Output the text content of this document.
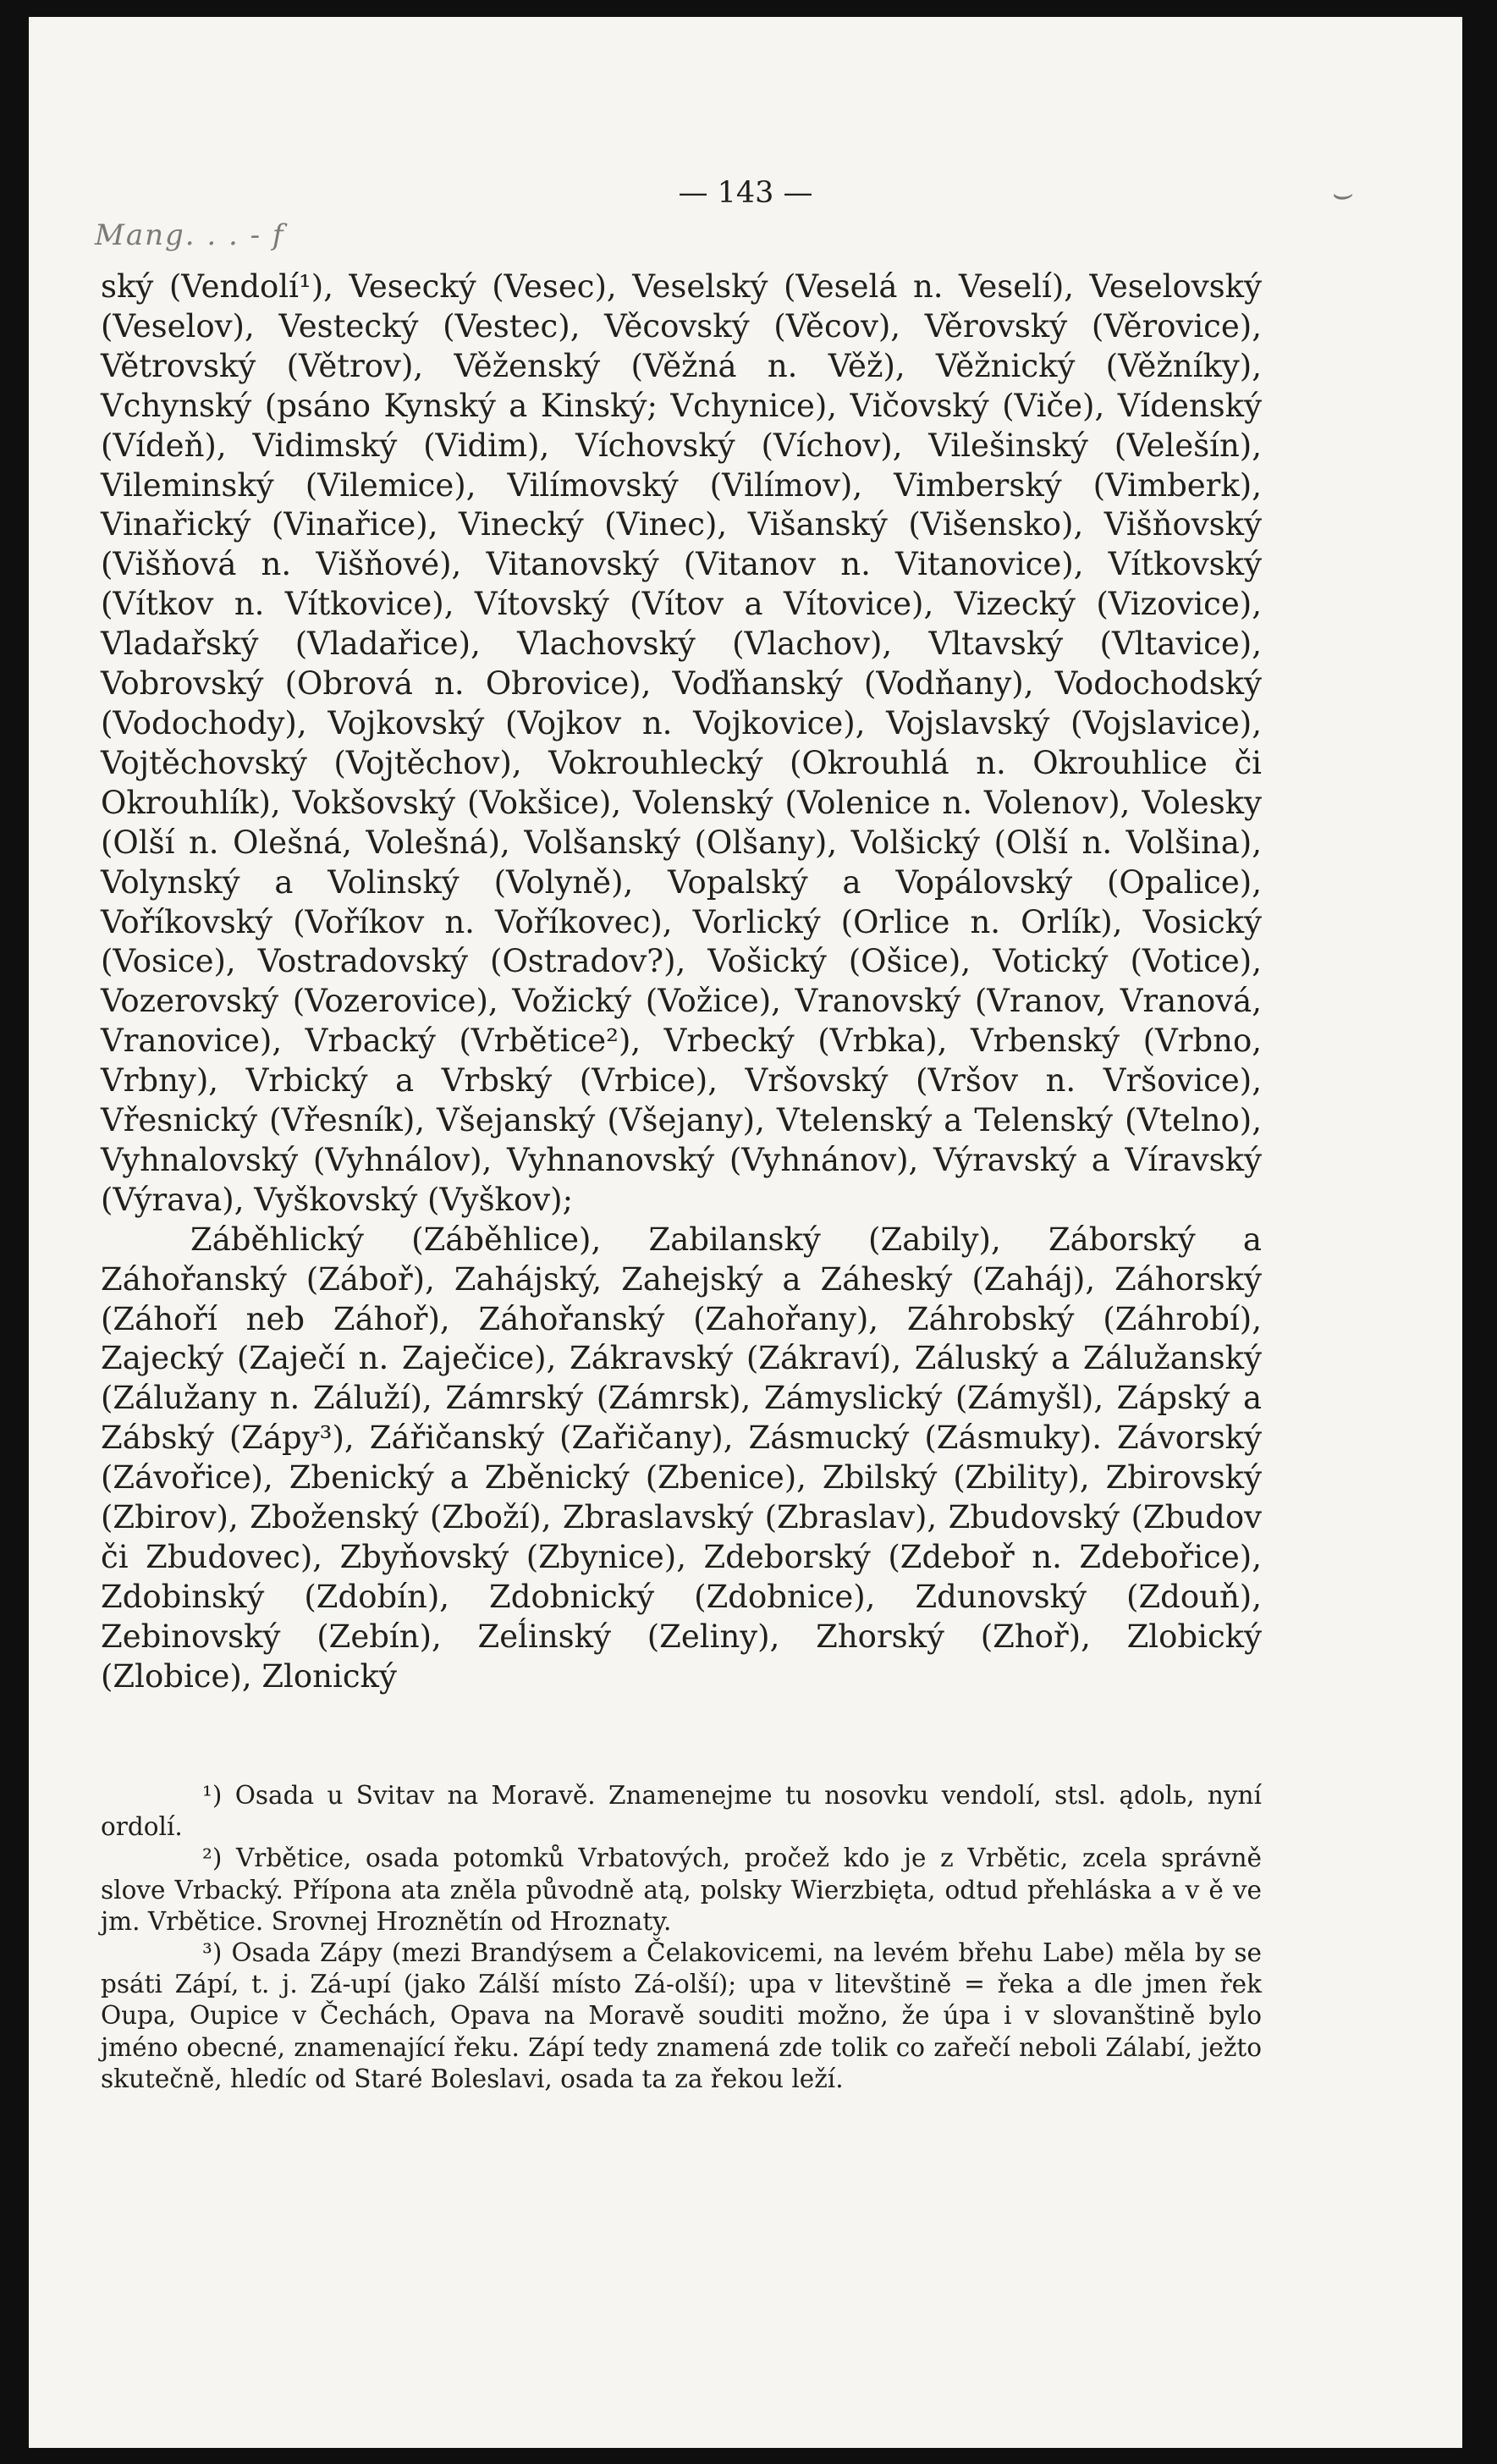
Mang. . . - f
⌣
— 143 —

ský (Vendolí¹), Vesecký (Vesec), Veselský (Veselá n. Veselí), Veselovský (Veselov), Vestecký (Vestec), Věcovský (Věcov), Věrovský (Věrovice), Větrovský (Větrov), Věženský (Věžná n. Věž), Věžnický (Věžníky), Vchynský (psáno Kynský a Kinský; Vchynice), Vičovský (Viče), Vídenský (Vídeň), Vidimský (Vidim), Víchovský (Víchov), Vilešinský (Velešín), Vileminský (Vilemice), Vilímovský (Vilímov), Vimberský (Vimberk), Vinařický (Vinařice), Vinecký (Vinec), Višanský (Višensko), Višňovský (Višňová n. Višňové), Vitanovský (Vitanov n. Vitanovice), Vítkovský (Vítkov n. Vítkovice), Vítovský (Vítov a Vítovice), Vizecký (Vizovice), Vladařský (Vladařice), Vlachovský (Vlachov), Vltavský (Vltavice), Vobrovský (Obrová n. Obrovice), Voďňanský (Vodňany), Vodochodský (Vodochody), Vojkovský (Vojkov n. Vojkovice), Vojslavský (Vojslavice), Vojtěchovský (Vojtěchov), Vokrouhlecký (Okrouhlá n. Okrouhlice či Okrouhlík), Vokšovský (Vokšice), Volenský (Volenice n. Volenov), Volesky (Olší n. Olešná, Volešná), Volšanský (Olšany), Volšický (Olší n. Volšina), Volynský a Volinský (Volyně), Vopalský a Vopálovský (Opalice), Voříkovský (Voříkov n. Voříkovec), Vorlický (Orlice n. Orlík), Vosický (Vosice), Vostradovský (Ostradov?), Vošický (Ošice), Votický (Votice), Vozerovský (Vozerovice), Vožický (Vožice), Vranovský (Vranov, Vranová, Vranovice), Vrbacký (Vrbětice²), Vrbecký (Vrbka), Vrbenský (Vrbno, Vrbny), Vrbický a Vrbský (Vrbice), Vršovský (Vršov n. Vršovice), Vřesnický (Vřesník), Všejanský (Všejany), Vtelenský a Telenský (Vtelno), Vyhnalovský (Vyhnálov), Vyhnanovský (Vyhnánov), Výravský a Víravský (Výrava), Vyškovský (Vyškov);

Záběhlický (Záběhlice), Zabilanský (Zabily), Záborský a Záhořanský (Záboř), Zahájský, Zahejský a Záheský (Zaháj), Záhorský (Záhoří neb Záhoř), Záhořanský (Zahořany), Záhrobský (Záhrobí), Zajecký (Zaječí n. Zaječice), Zákravský (Zákraví), Záluský a Zálužanský (Zálužany n. Záluží), Zámrský (Zámrsk), Zámyslický (Zámyšl), Zápský a Zábský (Zápy³), Zářičanský (Zařičany), Zásmucký (Zásmuky). Závorský (Závořice), Zbenický a Zběnický (Zbenice), Zbilský (Zbility), Zbirovský (Zbirov), Zboženský (Zboží), Zbraslavský (Zbraslav), Zbudovský (Zbudov či Zbudovec), Zbyňovský (Zbynice), Zdeborský (Zdeboř n. Zdebořice), Zdobinský (Zdobín), Zdobnický (Zdobnice), Zdunovský (Zdouň), Zebinovský (Zebín), Zeĺinský (Zeliny), Zhorský (Zhoř), Zlobický (Zlobice), Zlonický

¹) Osada u Svitav na Moravě. Znamenejme tu nosovku vendolí, stsl. ądolь, nyní ordolí.

²) Vrbětice, osada potomků Vrbatových, pročež kdo je z Vrbětic, zcela správně slove Vrbacký. Přípona ata zněla původně atą, polsky Wierzbięta, odtud přehláska a v ě ve jm. Vrbětice. Srovnej Hroznětín od Hroznaty.

³) Osada Zápy (mezi Brandýsem a Čelakovicemi, na levém břehu Labe) měla by se psáti Zápí, t. j. Zá-upí (jako Zálší místo Zá-olší); upa v litevštině = řeka a dle jmen řek Oupa, Oupice v Čechách, Opava na Moravě souditi možno, že úpa i v slovanštině bylo jméno obecné, znamenající řeku. Zápí tedy znamená zde tolik co zařečí neboli Zálabí, ježto skutečně, hledíc od Staré Boleslavi, osada ta za řekou leží.
